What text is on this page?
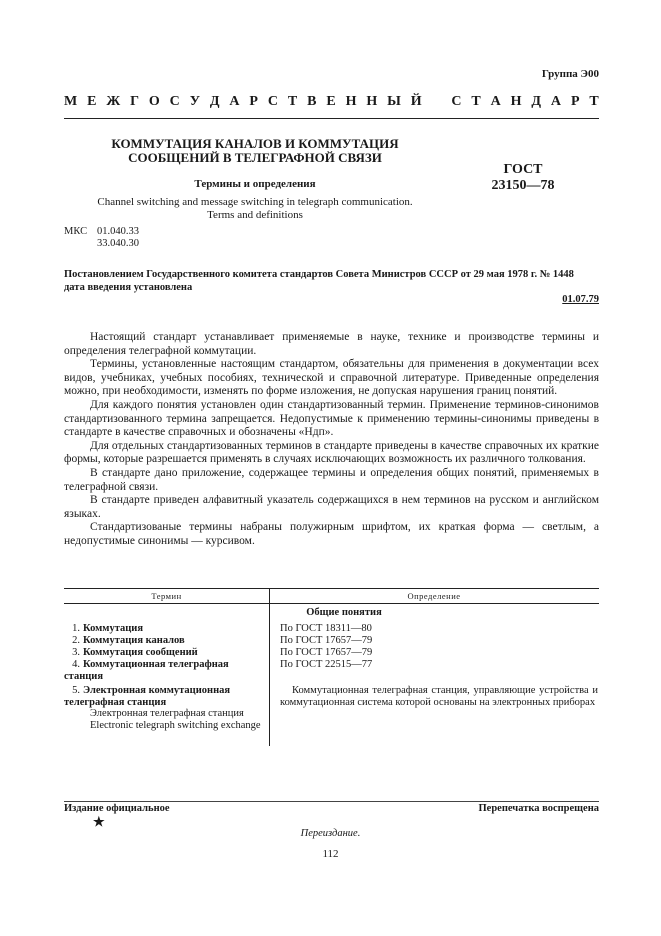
Группа Э00
М Е Ж Г О С У Д А Р С Т В Е Н Н Ы Й С Т А Н Д А Р Т
КОММУТАЦИЯ КАНАЛОВ И КОММУТАЦИЯ
СООБЩЕНИЙ В ТЕЛЕГРАФНОЙ СВЯЗИ
Термины и определения
Channel switching and message switching in telegraph communication.
Terms and definitions
ГОСТ
23150—78
МКС 01.040.33
33.040.30
Постановлением Государственного комитета стандартов Совета Министров СССР от 29 мая 1978 г. № 1448
дата введения установлена
01.07.79

Настоящий стандарт устанавливает применяемые в науке, технике и производстве термины и определения телеграфной коммутации.

Термины, установленные настоящим стандартом, обязательны для применения в документации всех видов, учебниках, учебных пособиях, технической и справочной литературе. Приведенные определения можно, при необходимости, изменять по форме изложения, не допуская нарушения границ понятий.

Для каждого понятия установлен один стандартизованный термин. Применение терминов-синонимов стандартизованного термина запрещается. Недопустимые к применению термины-синонимы приведены в стандарте в качестве справочных и обозначены «Ндп».

Для отдельных стандартизованных терминов в стандарте приведены в качестве справочных их краткие формы, которые разрешается применять в случаях исключающих возможность их различного толкования.

В стандарте дано приложение, содержащее термины и определения общих понятий, применяемых в телеграфной связи.

В стандарте приведен алфавитный указатель содержащихся в нем терминов на русском и английском языках.

Стандартизованые термины набраны полужирным шрифтом, их краткая форма — светлым, а недопустимые синонимы — курсивом.

Термин	Определение
Общие понятия
1. Коммутация
2. Коммутация каналов
3. Коммутация сообщений
4. Коммутационная телеграфная станция
5. Электронная коммутационная телеграфная станция
Электронная телеграфная станция
Electronic telegraph switching exchange
По ГОСТ 18311—80
По ГОСТ 17657—79
По ГОСТ 17657—79
По ГОСТ 22515—77
Коммутационная телеграфная станция, управляющие устройства и коммутационная система которой основаны на электронных приборах
Издание официальное
★
Перепечатка воспрещена
Переиздание.
112
